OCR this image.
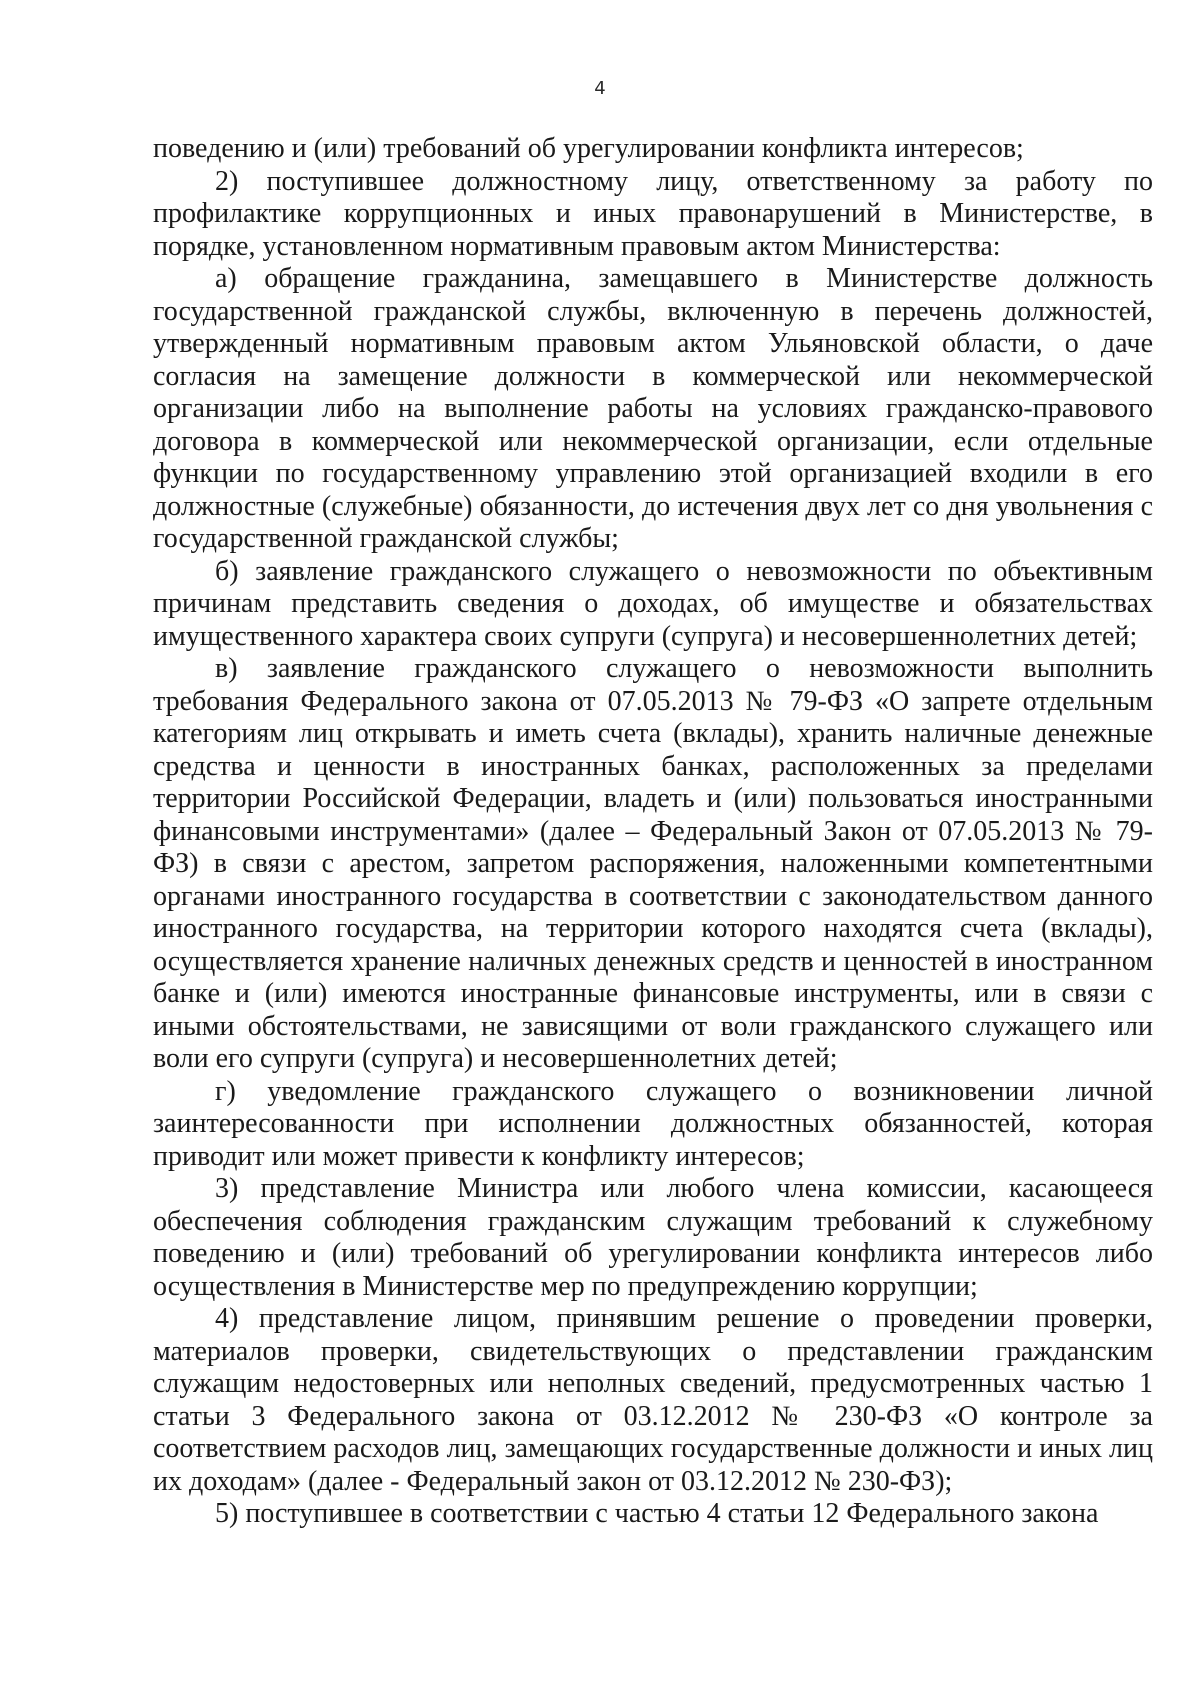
4

поведению и (или) требований об урегулировании конфликта интересов;

2) поступившее должностному лицу, ответственному за работу по профилактике коррупционных и иных правонарушений в Министерстве, в порядке, установленном нормативным правовым актом Министерства:

а) обращение гражданина, замещавшего в Министерстве должность государственной гражданской службы, включенную в перечень должностей, утвержденный нормативным правовым актом Ульяновской области, о даче согласия на замещение должности в коммерческой или некоммерческой организации либо на выполнение работы на условиях гражданско-правового договора в коммерческой или некоммерческой организации, если отдельные функции по государственному управлению этой организацией входили в его должностные (служебные) обязанности, до истечения двух лет со дня увольнения с государственной гражданской службы;

б) заявление гражданского служащего о невозможности по объективным причинам представить сведения о доходах, об имуществе и обязательствах имущественного характера своих супруги (супруга) и несовершеннолетних детей;

в) заявление гражданского служащего о невозможности выполнить требования Федерального закона от 07.05.2013 № 79-ФЗ «О запрете отдельным категориям лиц открывать и иметь счета (вклады), хранить наличные денежные средства и ценности в иностранных банках, расположенных за пределами территории Российской Федерации, владеть и (или) пользоваться иностранными финансовыми инструментами» (далее – Федеральный Закон от 07.05.2013 № 79-ФЗ) в связи с арестом, запретом распоряжения, наложенными компетентными органами иностранного государства в соответствии с законодательством данного иностранного государства, на территории которого находятся счета (вклады), осуществляется хранение наличных денежных средств и ценностей в иностранном банке и (или) имеются иностранные финансовые инструменты, или в связи с иными обстоятельствами, не зависящими от воли гражданского служащего или воли его супруги (супруга) и несовершеннолетних детей;

г) уведомление гражданского служащего о возникновении личной заинтересованности при исполнении должностных обязанностей, которая приводит или может привести к конфликту интересов;

3) представление Министра или любого члена комиссии, касающееся обеспечения соблюдения гражданским служащим требований к служебному поведению и (или) требований об урегулировании конфликта интересов либо осуществления в Министерстве мер по предупреждению коррупции;

4) представление лицом, принявшим решение о проведении проверки, материалов проверки, свидетельствующих о представлении гражданским служащим недостоверных или неполных сведений, предусмотренных частью 1 статьи 3 Федерального закона от 03.12.2012 № 230-ФЗ «О контроле за соответствием расходов лиц, замещающих государственные должности и иных лиц их доходам» (далее - Федеральный закон от 03.12.2012 № 230-ФЗ);

5) поступившее в соответствии с частью 4 статьи 12 Федерального закона
